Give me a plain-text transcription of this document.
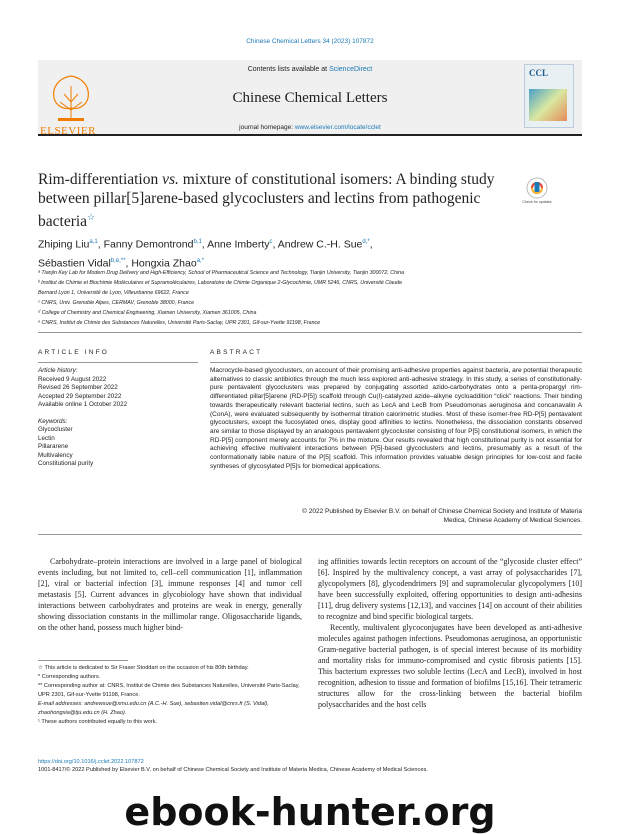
Chinese Chemical Letters 34 (2023) 107872
ELSEVIER
Contents lists available at ScienceDirect
Chinese Chemical Letters
journal homepage: www.elsevier.com/locate/cclet
CCL
Rim-differentiation vs. mixture of constitutional isomers: A binding study between pillar[5]arene-based glycoclusters and lectins from pathogenic bacteria☆
Check for updates
Zhiping Liu$^{a,1}$, Fanny Demontrond$^{b,1}$, Anne Imberty$^c$, Andrew C.-H. Sue$^{d,*}$,
Sébastien Vidal$^{b,e,**}$, Hongxia Zhao$^{a,*}$
ᵃ Tianjin Key Lab for Modern Drug Delivery and High-Efficiency, School of Pharmaceutical Science and Technology, Tianjin University, Tianjin 300072, China
ᵇ Institut de Chimie et Biochimie Moléculaires et Supramoléculaires, Laboratoire de Chimie Organique 2-Glycochimie, UMR 5246, CNRS, Université Claude
Bernard Lyon 1, Université de Lyon, Villeurbanne 69622, France
ᶜ CNRS, Univ. Grenoble Alpes, CERMAV, Grenoble 38000, France
ᵈ College of Chemistry and Chemical Engineering, Xiamen University, Xiamen 361005, China
ᵉ CNRS, Institut de Chimie des Substances Naturelles, Université Paris-Saclay, UPR 2301, Gif-sur-Yvette 91198, France
ARTICLE INFO	ABSTRACT
Article history:
Received 9 August 2022
Revised 26 September 2022
Accepted 29 September 2022
Available online 1 October 2022
Keywords:
Glycocluster
Lectin
Pillararene
Multivalency
Constitutional purity
Macrocycle-based glycoclusters, on account of their promising anti-adhesive properties against bacteria, are potential therapeutic alternatives to classic antibiotics through the much less explored anti-adhesive strategy. In this study, a series of constitutionally-pure pentavalent glycoclusters was prepared by conjugating assorted azido-carbohydrates onto a penta-propargyl rim-differentiated pillar[5]arene (RD-P[5]) scaffold through Cu(I)-catalyzed azide–alkyne cycloaddition “click” reactions. Their binding towards therapeutically relevant bacterial lectins, such as LecA and LecB from Pseudomonas aeruginosa and concanavalin A (ConA), were evaluated subsequently by isothermal titration calorimetric studies. Most of these isomer-free RD-P[5] pentavalent glycoclusters, except the fucosylated ones, display good affinities to lectins. Nonetheless, the dissociation constants observed are similar to those displayed by an analogous pentavalent glycocluster consisting of four P[5] constitutional isomers, in which the RD-P[5] component merely accounts for 7% in the mixture. Our results revealed that high constitutional purity is not essential for achieving effective multivalent interactions between P[5]-based glycoclusters and lectins, presumably as a result of the conformationally labile nature of the P[5] scaffold. This information provides valuable design principles for low-cost and facile syntheses of glycosylated P[5]s for biomedical applications.
© 2022 Published by Elsevier B.V. on behalf of Chinese Chemical Society and Institute of Materia
Medica, Chinese Academy of Medical Sciences.

Carbohydrate–protein interactions are involved in a large panel of biological events including, but not limited to, cell–cell communication [1], inflammation [2], viral or bacterial infection [3], immune responses [4] and tumor cell metastasis [5]. Current advances in glycobiology have shown that individual interactions between carbohydrates and proteins are weak in energy, generally showing dissociation constants in the millimolar range. Oligosaccharide ligands, on the other hand, possess much higher bind-

ing affinities towards lectin receptors on account of the “glycoside cluster effect” [6]. Inspired by the multivalency concept, a vast array of polysaccharides [7], glycopolymers [8], glycodendrimers [9] and supramolecular glycopolymers [10] have been successfully exploited, offering opportunities to design anti-adhesins [11], drug delivery systems [12,13], and vaccines [14] on account of their abilities to recognize and bind specific biological targets.

Recently, multivalent glycoconjugates have been developed as anti-adhesive molecules against pathogen infections. Pseudomonas aeruginosa, an opportunistic Gram-negative bacterial pathogen, is of special interest because of its morbidity and mortality risks for immuno-compromised and cystic fibrosis patients [15]. This bacterium expresses two soluble lectins (LecA and LecB), involved in host recognition, adhesion to tissue and formation of biofilms [15,16]. Their tetrameric structures allow for the cross-linking between the bacterial biofilm polysaccharides and the host cells

☆ This article is dedicated to Sir Fraser Stoddart on the occasion of his 80th birthday.
* Corresponding authors.
** Corresponding author at: CNRS, Institut de Chimie des Substances Naturelles, Université Paris-Saclay, UPR 2301, Gif-sur-Yvette 91198, France.
E-mail addresses: andrewsue@xmu.edu.cn (A.C.-H. Sue), sebastien.vidal@cnrs.fr (S. Vidal), zhaohongxia@tju.edu.cn (H. Zhao).
¹ These authors contributed equally to this work.
https://doi.org/10.1016/j.cclet.2022.107872
1001-8417/© 2022 Published by Elsevier B.V. on behalf of Chinese Chemical Society and Institute of Materia Medica, Chinese Academy of Medical Sciences.
ebook-hunter.org
